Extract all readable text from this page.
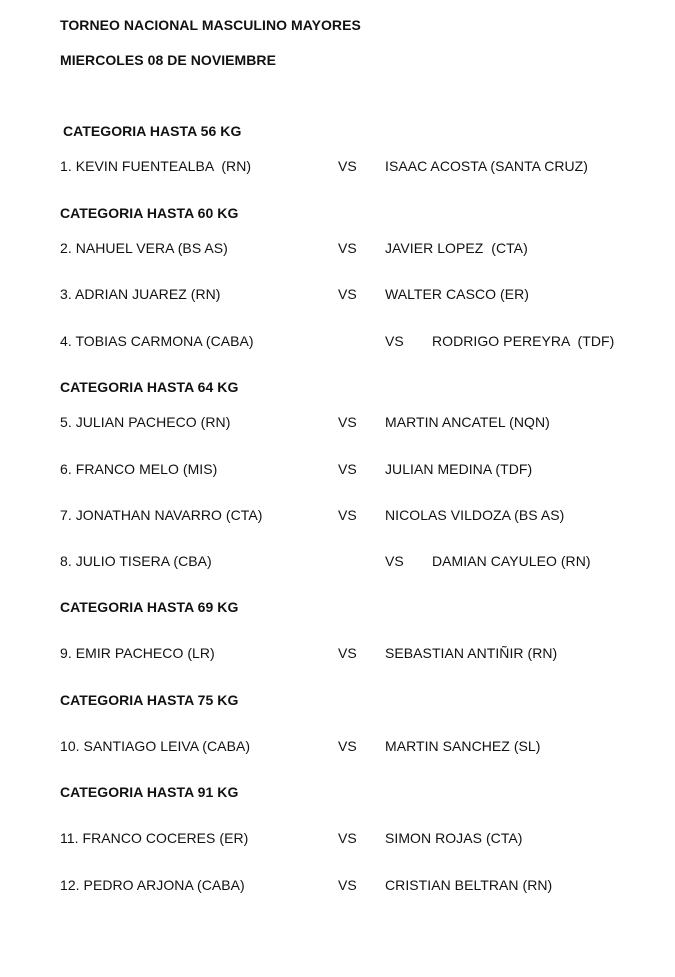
TORNEO NACIONAL MASCULINO MAYORES
MIERCOLES 08 DE NOVIEMBRE
CATEGORIA HASTA 56 KG
1. KEVIN FUENTEALBA  (RN)	VS ISAAC ACOSTA (SANTA CRUZ)
CATEGORIA HASTA 60 KG
2. NAHUEL VERA (BS AS)	VS JAVIER LOPEZ  (CTA)
3. ADRIAN JUAREZ (RN)	VS WALTER CASCO (ER)
4. TOBIAS CARMONA (CABA)	VS RODRIGO PEREYRA  (TDF)
CATEGORIA HASTA 64 KG
5. JULIAN PACHECO (RN)	VS MARTIN ANCATEL (NQN)
6. FRANCO MELO (MIS)	VS JULIAN MEDINA (TDF)
7. JONATHAN NAVARRO (CTA)	VS NICOLAS VILDOZA (BS AS)
8. JULIO TISERA (CBA)	VS DAMIAN CAYULEO (RN)
CATEGORIA HASTA 69 KG
9. EMIR PACHECO (LR)	VS SEBASTIAN ANTIÑIR (RN)
CATEGORIA HASTA 75 KG
10. SANTIAGO LEIVA (CABA)	VS MARTIN SANCHEZ (SL)
CATEGORIA HASTA 91 KG
11. FRANCO COCERES (ER)	VS SIMON ROJAS (CTA)
12. PEDRO ARJONA (CABA)	VS CRISTIAN BELTRAN (RN)
